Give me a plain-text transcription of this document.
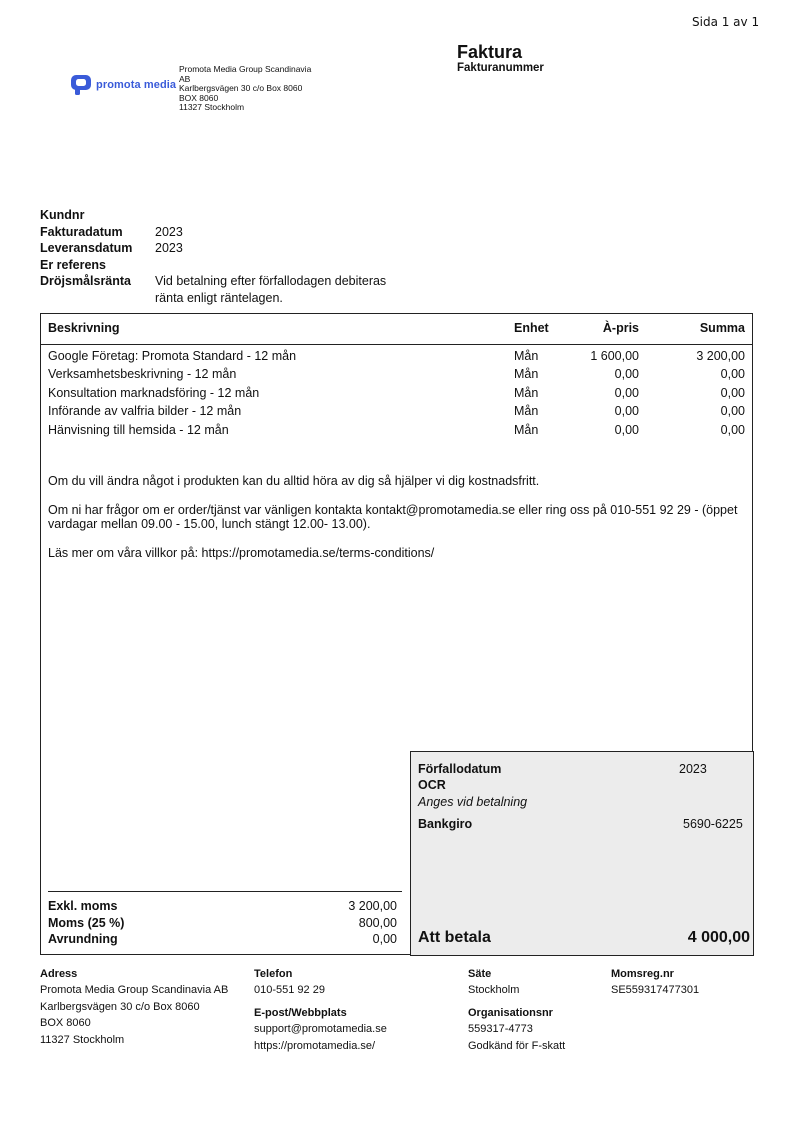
Sida 1 av 1
promota media
Promota Media Group Scandinavia
AB
Karlbergsvägen 30 c/o Box 8060
BOX 8060
11327 Stockholm
Faktura
Fakturanummer
Kundnr
Fakturadatum	2023
Leveransdatum	2023
Er referens
Dröjsmålsränta	Vid betalning efter förfallodagen debiteras
ränta enligt räntelagen.
Beskrivning	Enhet	À-pris	Summa
Google Företag: Promota Standard - 12 mån	Mån	1 600,00	3 200,00
Verksamhetsbeskrivning - 12 mån	Mån	0,00	0,00
Konsultation marknadsföring - 12 mån	Mån	0,00	0,00
Införande av valfria bilder - 12 mån	Mån	0,00	0,00
Hänvisning till hemsida - 12 mån	Mån	0,00	0,00

Om du vill ändra något i produkten kan du alltid höra av dig så hjälper vi dig kostnadsfritt.

Om ni har frågor om er order/tjänst var vänligen kontakta kontakt@promotamedia.se eller ring oss på 010-551 92 29 - (öppet vardagar mellan 09.00 - 15.00, lunch stängt 12.00- 13.00).

Läs mer om våra villkor på: https://promotamedia.se/terms-conditions/

Förfallodatum	2023
OCR
Anges vid betalning
Bankgiro	5690-6225
Att betala	4 000,00
Exkl. moms	3 200,00
Moms (25 %)	800,00
Avrundning	0,00
Adress
Promota Media Group Scandinavia AB
Karlbergsvägen 30 c/o Box 8060
BOX 8060
11327 Stockholm
Telefon
010-551 92 29
E-post/Webbplats
support@promotamedia.se
https://promotamedia.se/
Säte
Stockholm
Organisationsnr
559317-4773
Godkänd för F-skatt
Momsreg.nr
SE559317477301
